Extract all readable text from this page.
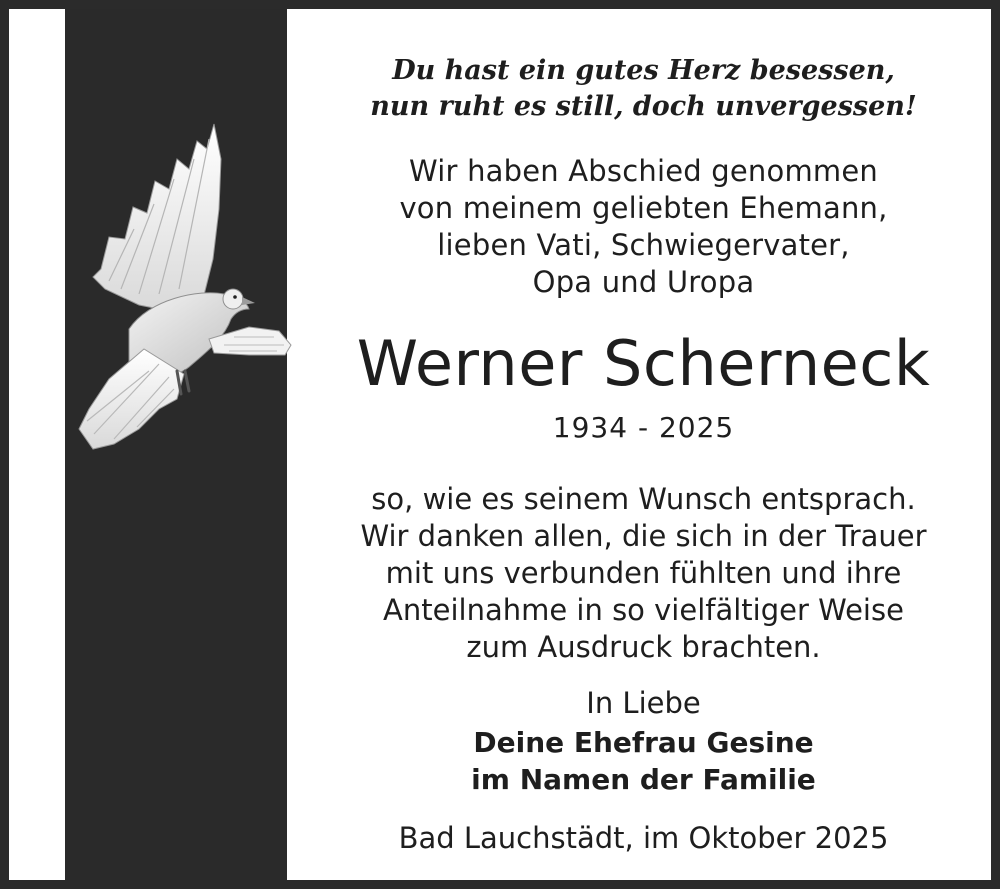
Du hast ein gutes Herz besessen,
nun ruht es still, doch unvergessen!
Wir haben Abschied genommen
von meinem geliebten Ehemann,
lieben Vati, Schwiegervater,
Opa und Uropa
Werner Scherneck
1934 - 2025
so, wie es seinem Wunsch entsprach.
Wir danken allen, die sich in der Trauer
mit uns verbunden fühlten und ihre
Anteilnahme in so vielfältiger Weise
zum Ausdruck brachten.
In Liebe
Deine Ehefrau Gesine
im Namen der Familie
Bad Lauchstädt, im Oktober 2025
